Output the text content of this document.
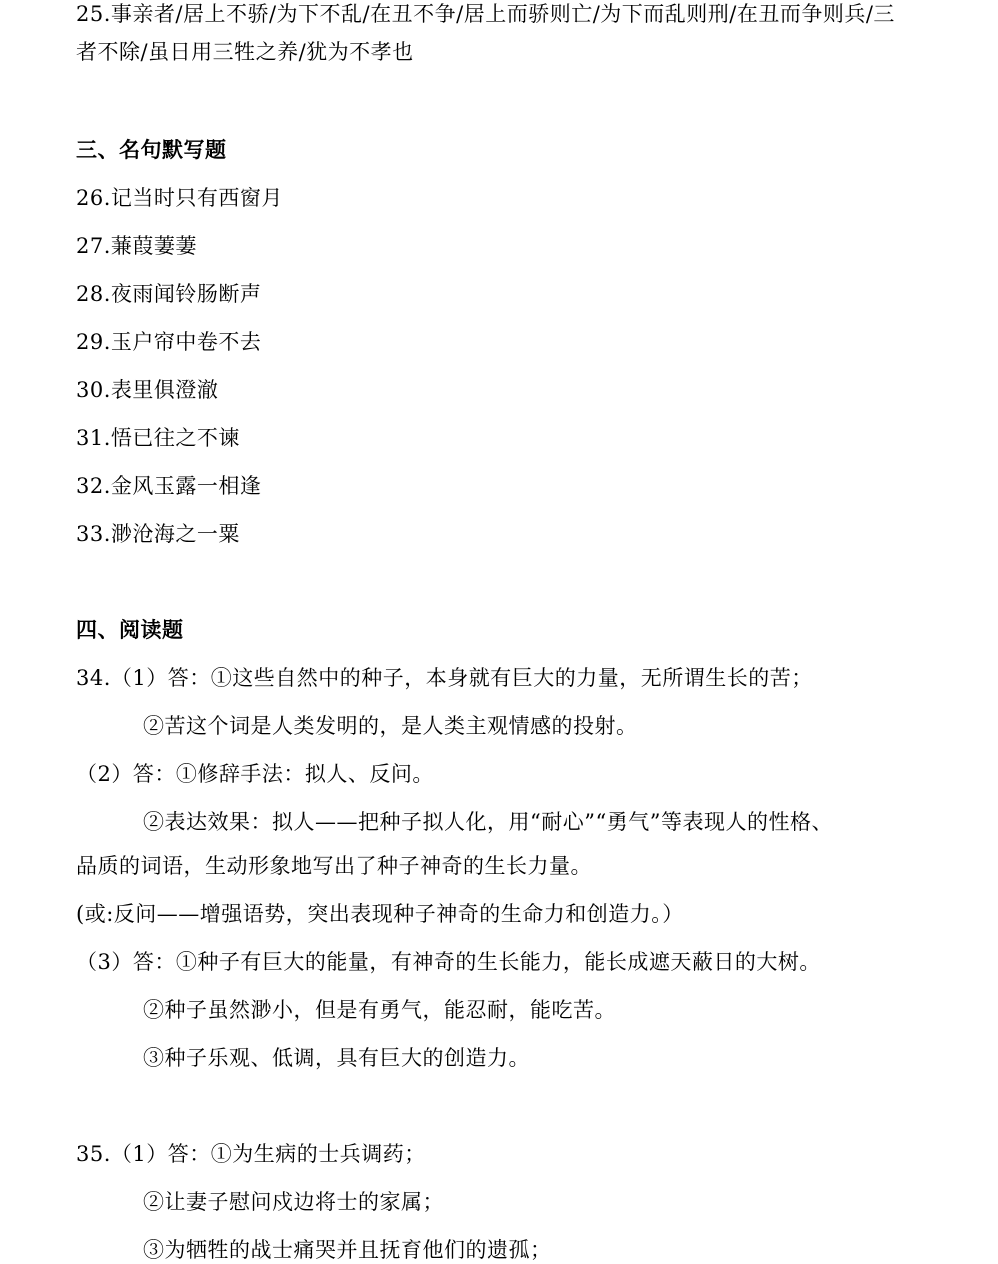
25.事亲者/居上不骄/为下不乱/在丑不争/居上而骄则亡/为下而乱则刑/在丑而争则兵/三
者不除/虽日用三牲之养/犹为不孝也
三、名句默写题
26.记当时只有西窗月
27.蒹葭萋萋
28.夜雨闻铃肠断声
29.玉户帘中卷不去
30.表里俱澄澈
31.悟已往之不谏
32.金风玉露一相逢
33.渺沧海之一粟
四、阅读题
34.（1）答：①这些自然中的种子，本身就有巨大的力量，无所谓生长的苦；
②苦这个词是人类发明的，是人类主观情感的投射。
（2）答：①修辞手法：拟人、反问。
②表达效果：拟人——把种子拟人化，用“耐心”“勇气”等表现人的性格、
品质的词语，生动形象地写出了种子神奇的生长力量。
(或:反问——增强语势，突出表现种子神奇的生命力和创造力。）
（3）答：①种子有巨大的能量，有神奇的生长能力，能长成遮天蔽日的大树。
②种子虽然渺小，但是有勇气，能忍耐，能吃苦。
③种子乐观、低调，具有巨大的创造力。
35.（1）答：①为生病的士兵调药；
②让妻子慰问戍边将士的家属；
③为牺牲的战士痛哭并且抚育他们的遗孤；
